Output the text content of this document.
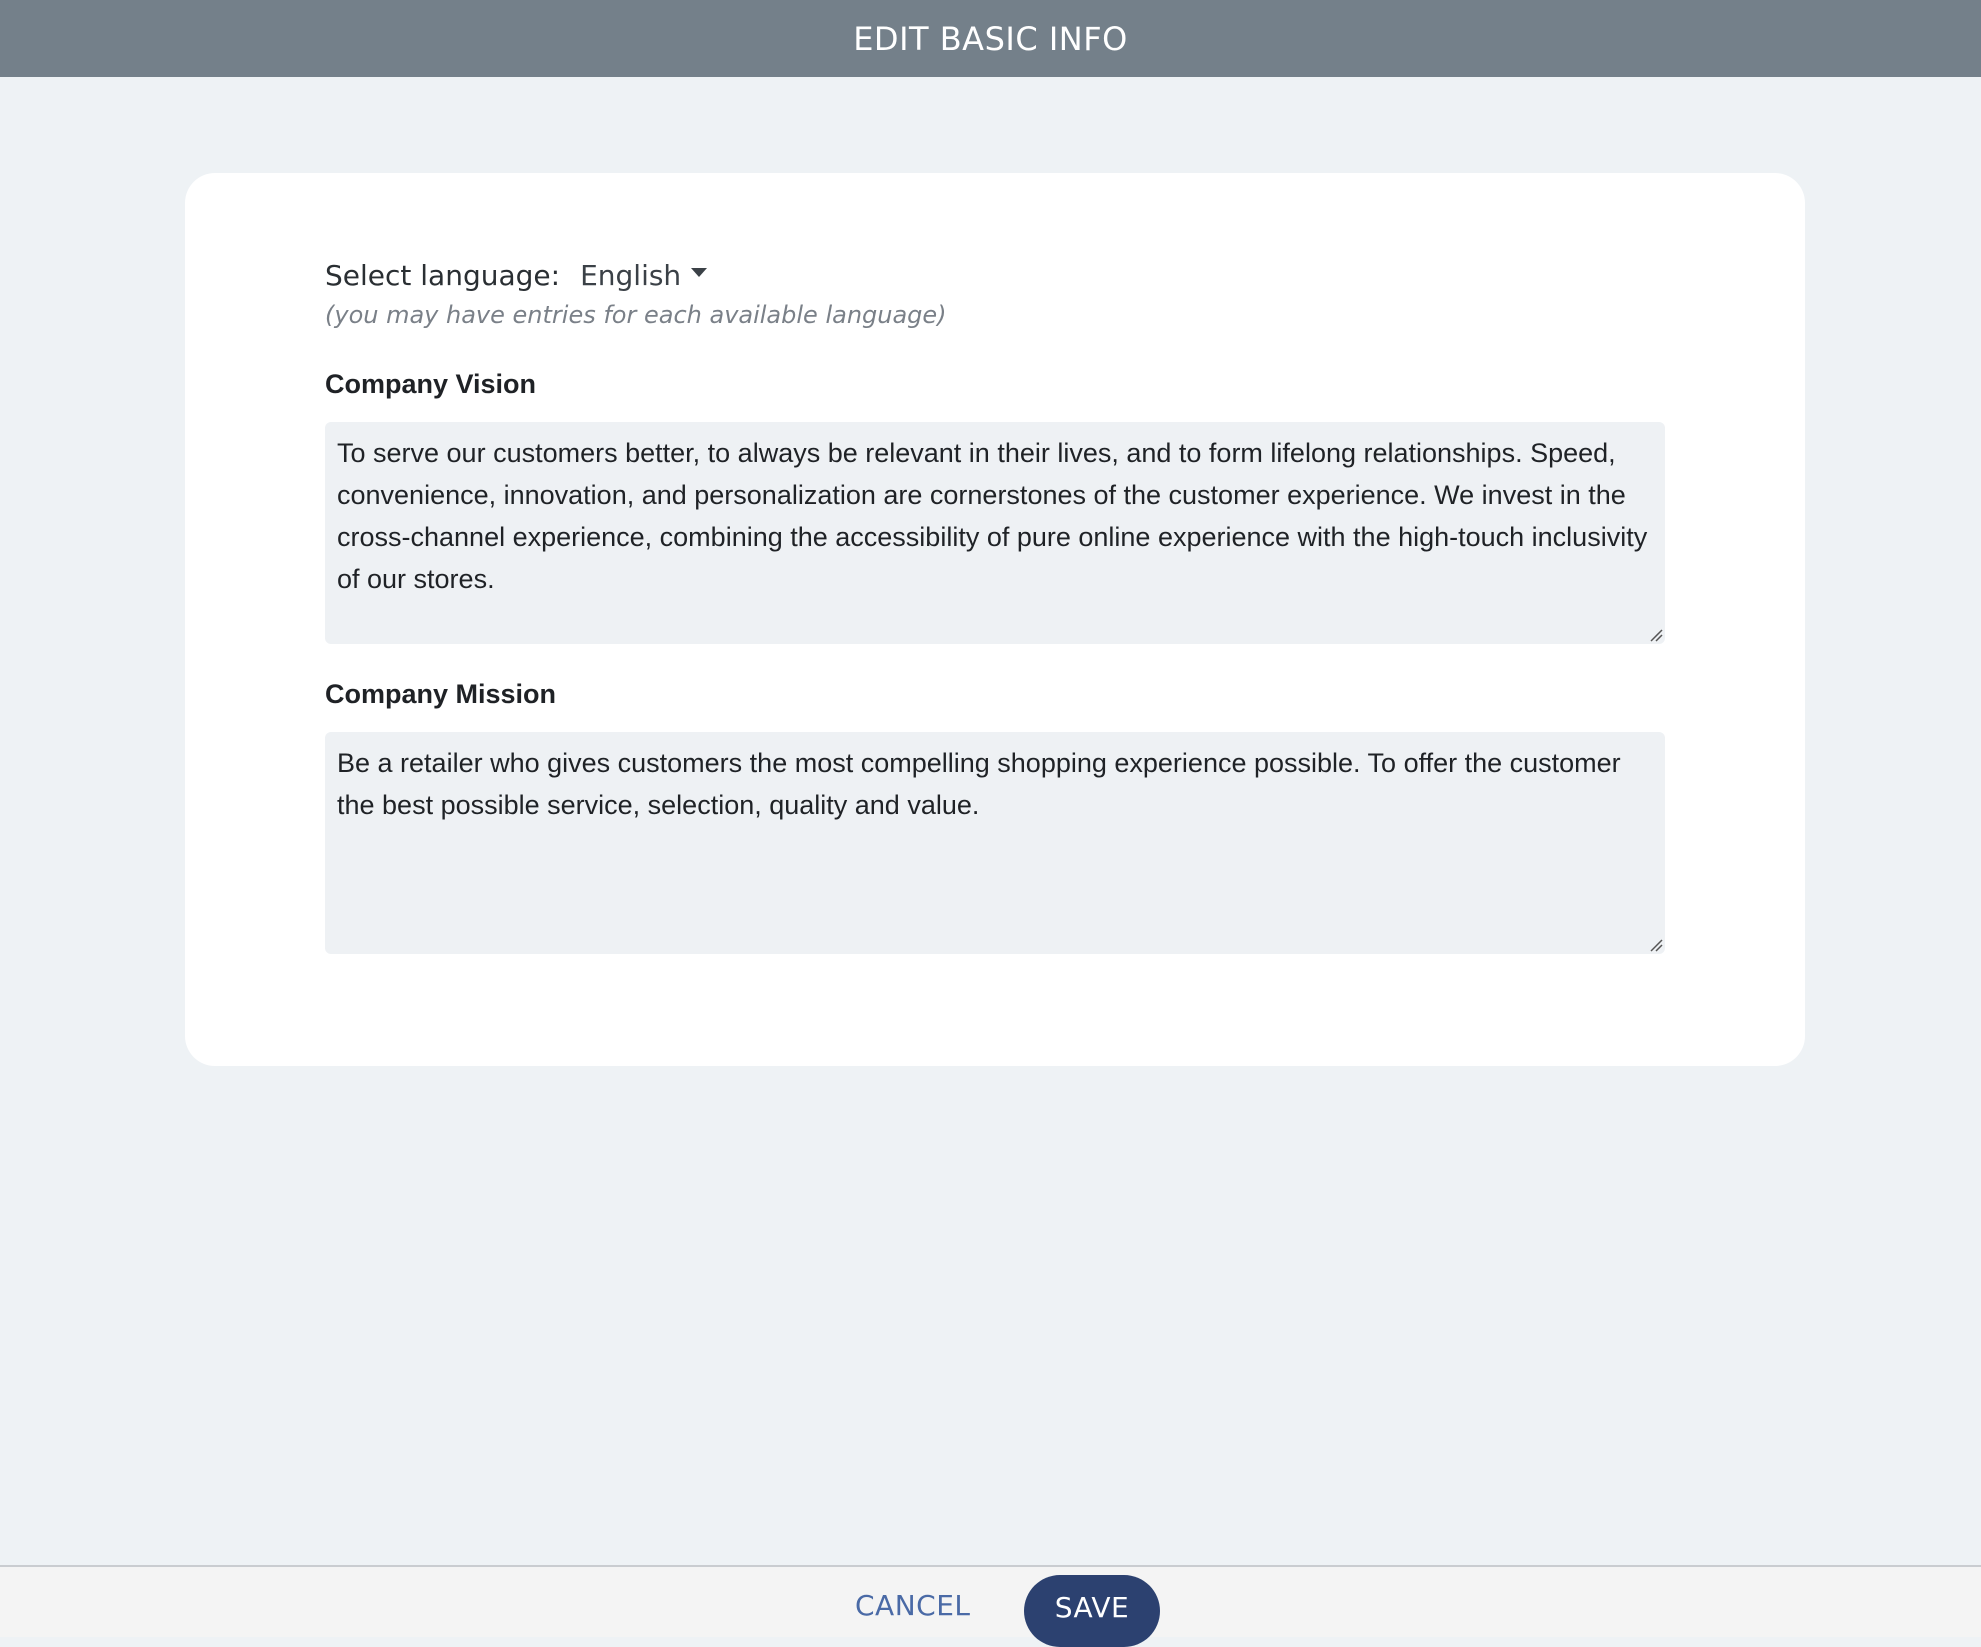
EDIT BASIC INFO
Select language: English
(you may have entries for each available language)
Company Vision
To serve our customers better, to always be relevant in their lives, and to form lifelong relationships. Speed, convenience, innovation, and personalization are cornerstones of the customer experience. We invest in the cross-channel experience, combining the accessibility of pure online experience with the high-touch inclusivity of our stores.
Company Mission
Be a retailer who gives customers the most compelling shopping experience possible. To offer the customer the best possible service, selection, quality and value.
CANCEL	SAVE
